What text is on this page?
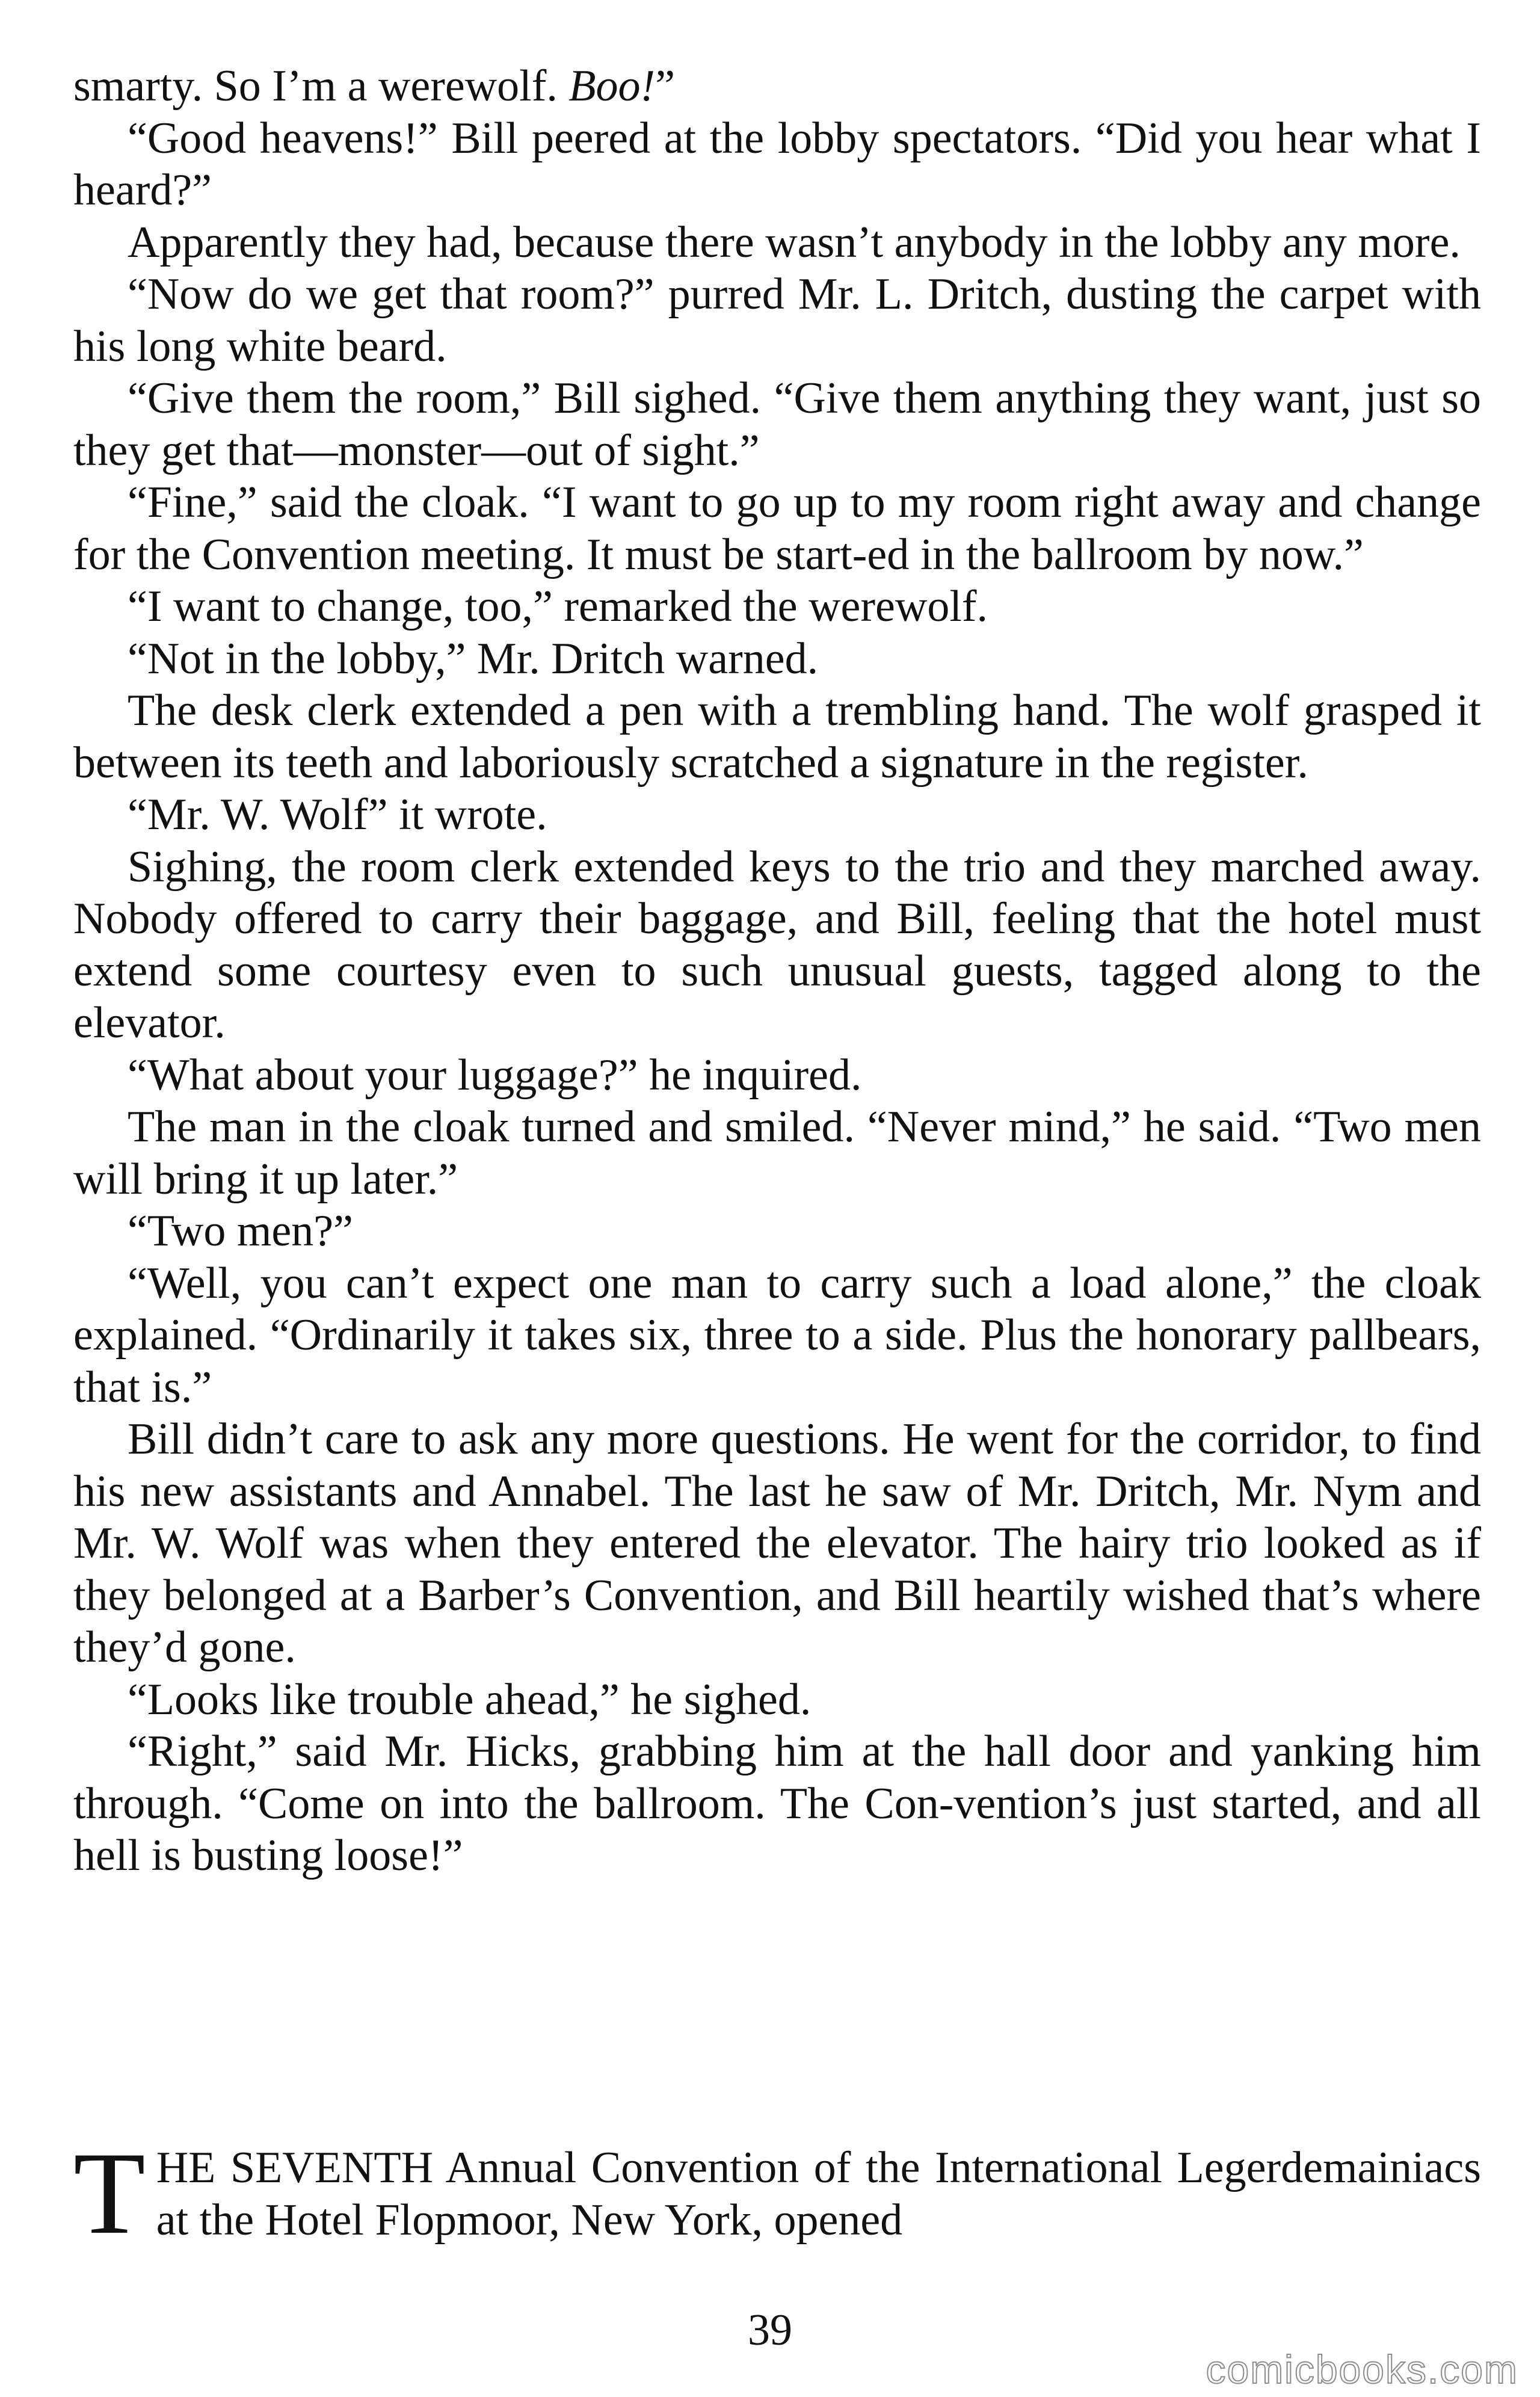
smarty. So I’m a werewolf. Boo!”

“Good heavens!” Bill peered at the lobby spectators. “Did you hear what I heard?”

Apparently they had, because there wasn’t anybody in the lobby any more.

“Now do we get that room?” purred Mr. L. Dritch, dusting the carpet with his long white beard.

“Give them the room,” Bill sighed. “Give them anything they want, just so they get that—monster—out of sight.”

“Fine,” said the cloak. “I want to go up to my room right away and change for the Convention meeting. It must be start-ed in the ballroom by now.”

“I want to change, too,” remarked the werewolf.

“Not in the lobby,” Mr. Dritch warned.

The desk clerk extended a pen with a trembling hand. The wolf grasped it between its teeth and laboriously scratched a signature in the register.

“Mr. W. Wolf” it wrote.

Sighing, the room clerk extended keys to the trio and they marched away. Nobody offered to carry their baggage, and Bill, feeling that the hotel must extend some courtesy even to such unusual guests, tagged along to the elevator.

“What about your luggage?” he inquired.

The man in the cloak turned and smiled. “Never mind,” he said. “Two men will bring it up later.”

“Two men?”

“Well, you can’t expect one man to carry such a load alone,” the cloak explained. “Ordinarily it takes six, three to a side. Plus the honorary pallbears, that is.”

Bill didn’t care to ask any more questions. He went for the corridor, to find his new assistants and Annabel. The last he saw of Mr. Dritch, Mr. Nym and Mr. W. Wolf was when they entered the elevator. The hairy trio looked as if they belonged at a Barber’s Convention, and Bill heartily wished that’s where they’d gone.

“Looks like trouble ahead,” he sighed.

“Right,” said Mr. Hicks, grabbing him at the hall door and yanking him through. “Come on into the ballroom. The Con-vention’s just started, and all hell is busting loose!”

THE SEVENTH Annual Convention of the International Legerdemainiacs at the Hotel Flopmoor, New York, opened
39
comicbooks.com
